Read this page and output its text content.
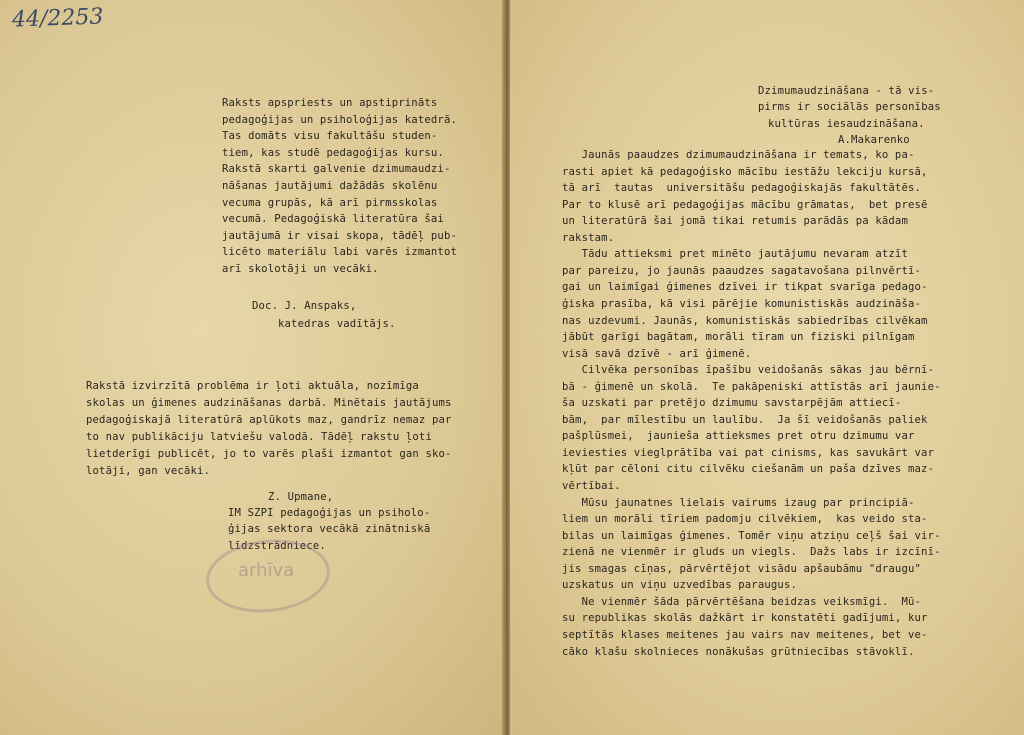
44/2253
Raksts apspriests un apstiprināts
pedagoģijas un psiholoģijas katedrā.
Tas domāts visu fakultāšu studen-
tiem, kas studē pedagoģijas kursu.
Rakstā skarti galvenie dzimumaudzi-
nāšanas jautājumi dažādās skolēnu
vecuma grupās, kā arī pirmsskolas
vecumā. Pedagoģiskā literatūra šai
jautājumā ir visai skopa, tādēļ pub-
licēto materiālu labi varēs izmantot
arī skolotāji un vecāki.
Doc. J. Anspaks,
katedras vadītājs.
Rakstā izvirzītā problēma ir ļoti aktuāla, nozīmīga
skolas un ģimenes audzināšanas darbā. Minētais jautājums
pedagoģiskajā literatūrā aplūkots maz, gandrīz nemaz par
to nav publikāciju latviešu valodā. Tādēļ rakstu ļoti
lietderīgi publicēt, jo to varēs plaši izmantot gan sko-
lotāji, gan vecāki.
Z. Upmane,
IM SZPI pedagoģijas un psiholo-
ģijas sektora vecākā zinātniskā
līdzstrādniece.
arhīva
Dzimumaudzināšana - tā vis-
pirms ir sociālās personības
kultūras iesaudzināšana.
A.Makarenko
Jaunās paaudzes dzimumaudzināšana ir temats, ko pa-
rasti apiet kā pedagoģisko mācību iestāžu lekciju kursā,
tā arī  tautas  universitāšu pedagoģiskajās fakultātēs.
Par to klusē arī pedagoģijas mācību grāmatas,  bet presē
un literatūrā šai jomā tikai retumis parādās pa kādam
rakstam.
Tādu attieksmi pret minēto jautājumu nevaram atzīt
par pareizu, jo jaunās paaudzes sagatavošana pilnvērtī-
gai un laimīgai ģimenes dzīvei ir tikpat svarīga pedago-
ģiska prasība, kā visi pārējie komunistiskās audzināša-
nas uzdevumi. Jaunās, komunistiskās sabiedrības cilvēkam
jābūt garīgi bagātam, morāli tīram un fiziski pilnīgam
visā savā dzīvē - arī ģimenē.
Cilvēka personības īpašību veidošanās sākas jau bērnī-
bā - ģimenē un skolā.  Te pakāpeniski attīstās arī jaunie-
ša uzskati par pretējo dzimumu savstarpējām attiecī-
bām,  par mīlestību un laulību.  Ja šī veidošanās paliek
pašplūsmei,  jaunieša attieksmes pret otru dzimumu var
ieviesties vieglprātība vai pat cinisms, kas savukārt var
kļūt par cēloni citu cilvēku ciešanām un paša dzīves maz-
vērtībai.
Mūsu jaunatnes lielais vairums izaug par principiā-
liem un morāli tīriem padomju cilvēkiem,  kas veido sta-
bilas un laimīgas ģimenes. Tomēr viņu atziņu ceļš šai vir-
zienā ne vienmēr ir gluds un viegls.  Dažs labs ir izcīnī-
jis smagas cīņas, pārvērtējot visādu apšaubāmu "draugu"
uzskatus un viņu uzvedības paraugus.
Ne vienmēr šāda pārvērtēšana beidzas veiksmīgi.  Mū-
su republikas skolās dažkārt ir konstatēti gadījumi, kur
septītās klases meitenes jau vairs nav meitenes, bet ve-
cāko klašu skolnieces nonākušas grūtniecības stāvoklī.
